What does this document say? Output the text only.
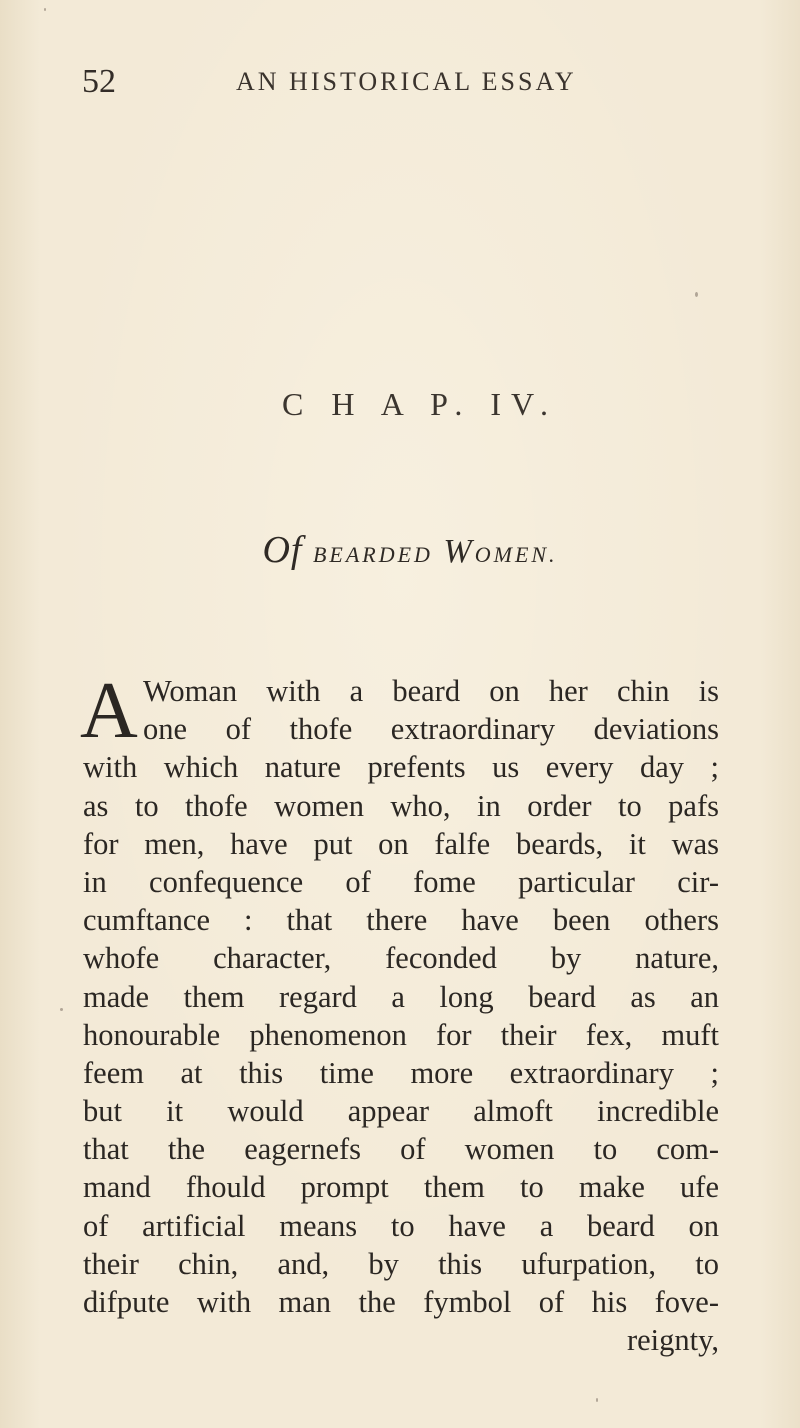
52	AN HISTORICAL ESSAY
C H A P. IV.
Of BEARDED WOMEN.
A Woman with a beard on her chin is
one of thofe extraordinary deviations
with which nature prefents us every day ;
as to thofe women who, in order to pafs
for men, have put on falfe beards, it was
in confequence of fome particular cir-
cumftance : that there have been others
whofe character, feconded by nature,
made them regard a long beard as an
honourable phenomenon for their fex, muft
feem at this time more extraordinary ;
but it would appear almoft incredible
that the eagernefs of women to com-
mand fhould prompt them to make ufe
of artificial means to have a beard on
their chin, and, by this ufurpation, to
difpute with man the fymbol of his fove-
reignty,
